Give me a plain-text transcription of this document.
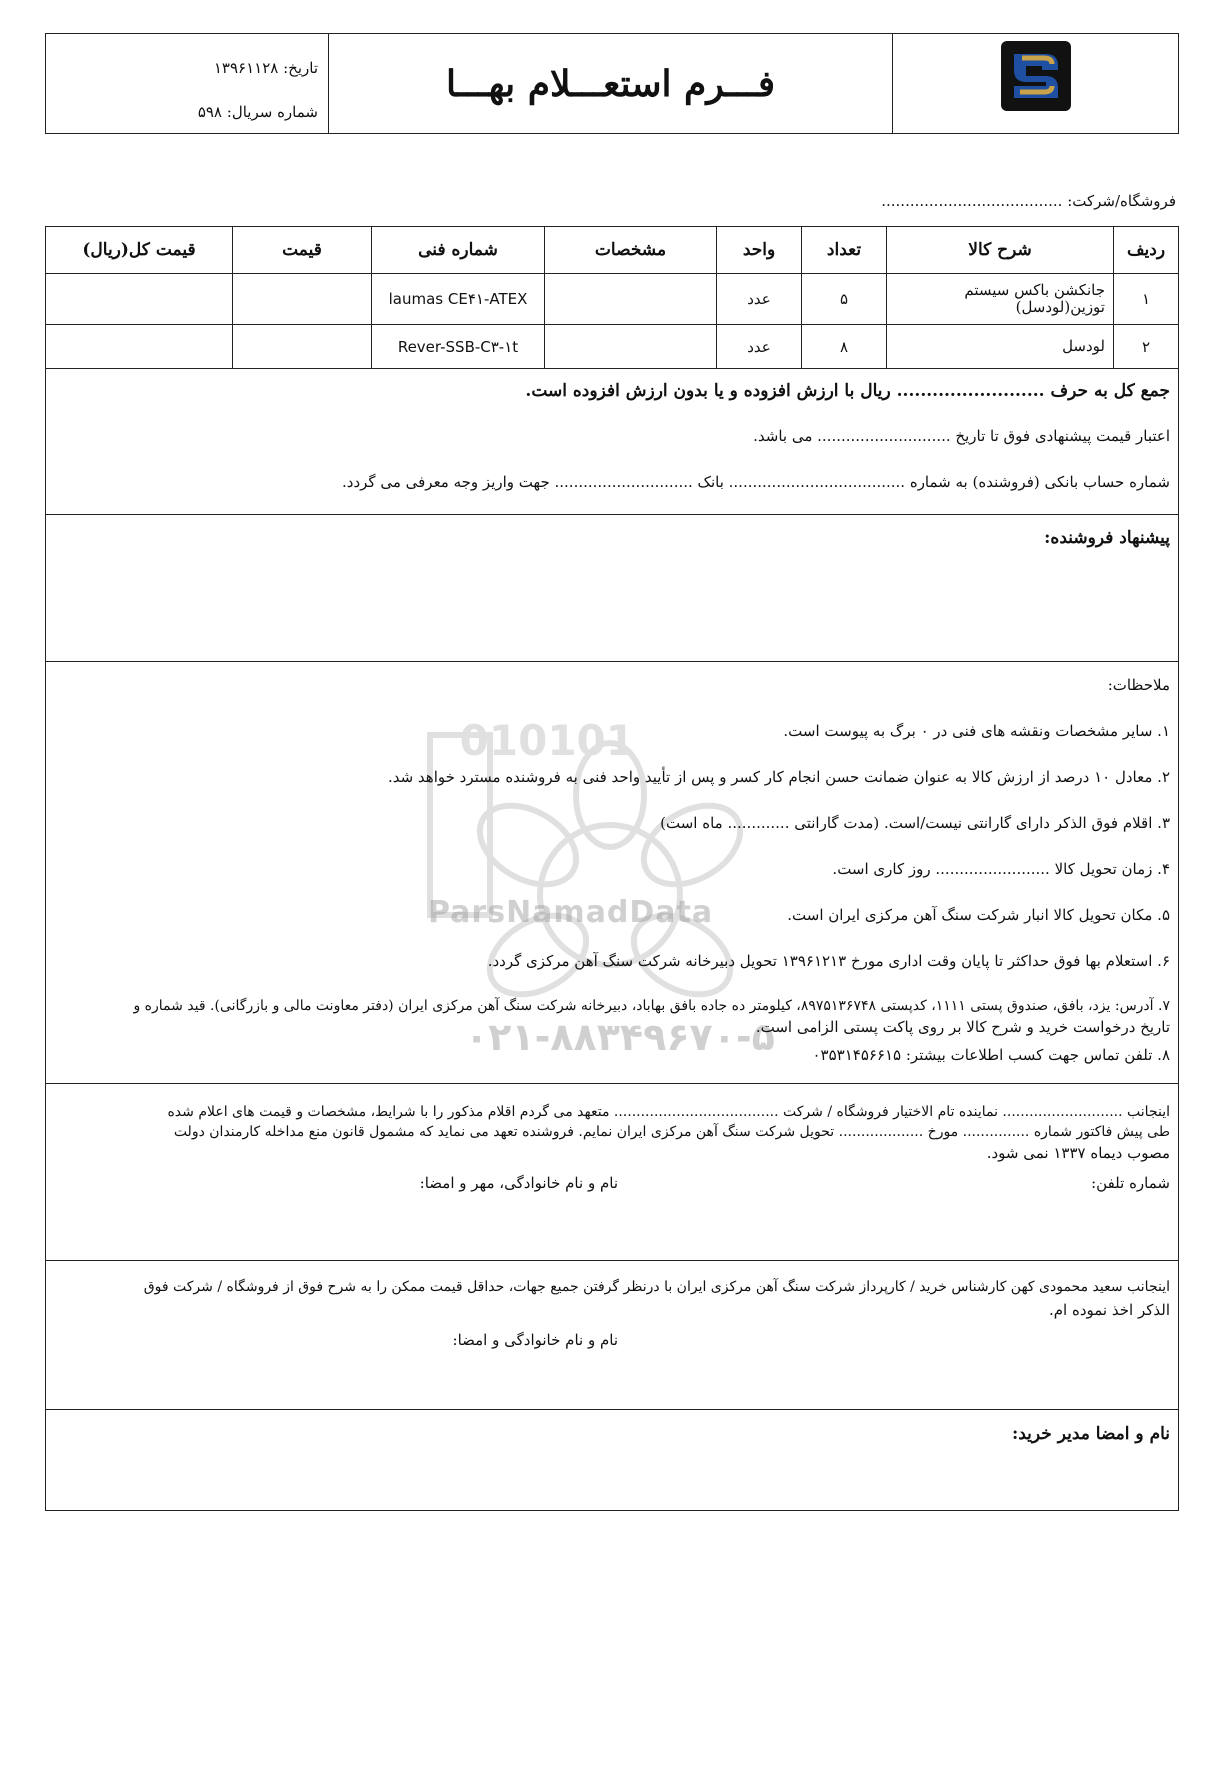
فـــرم استعـــلام بهـــا
تاریخ: ۱۳۹۶۱۱۲۸
شماره سریال: ۵۹۸
فروشگاه/شرکت: ......................................
ردیف	شرح کالا	تعداد	واحد	مشخصات	شماره فنی	قیمت	قیمت کل(ریال)
۱	جانکشن باکس سیستم توزین(لودسل)	۵	عدد		laumas CE۴۱-ATEX		
۲	لودسل	۸	عدد		Rever-SSB-C۳-۱t		
جمع کل به حرف ......................... ریال با ارزش افزوده و یا بدون ارزش افزوده است.
اعتبار قیمت پیشنهادی فوق تا تاریخ ............................ می باشد.
شماره حساب بانکی (فروشنده) به شماره ..................................... بانک ............................. جهت واریز وجه معرفی می گردد.
پیشنهاد فروشنده:
010101
ParsNamadData
۰۲۱-۸۸۳۴۹۶۷۰-۵
ملاحظات:
۱. سایر مشخصات ونقشه های فنی در ۰ برگ به پیوست است.
۲. معادل ۱۰ درصد از ارزش کالا به عنوان ضمانت حسن انجام کار کسر و پس از تأیید واحد فنی به فروشنده مسترد خواهد شد.
۳. اقلام فوق الذکر دارای گارانتی نیست/است. (مدت گارانتی ............. ماه است)
۴. زمان تحویل کالا ........................ روز کاری است.
۵. مکان تحویل کالا انبار شرکت سنگ آهن مرکزی ایران است.
۶. استعلام بها فوق حداکثر تا پایان وقت اداری مورخ ۱۳۹۶۱۲۱۳ تحویل دبیرخانه شرکت سنگ آهن مرکزی گردد.
۷. آدرس: یزد، بافق، صندوق پستی ۱۱۱۱، کدپستی ۸۹۷۵۱۳۶۷۴۸، کیلومتر ده جاده بافق بهاباد، دبیرخانه شرکت سنگ آهن مرکزی ایران (دفتر معاونت مالی و بازرگانی). قید شماره و
تاریخ درخواست خرید و شرح کالا بر روی پاکت پستی الزامی است.
۸. تلفن تماس جهت کسب اطلاعات بیشتر: ۰۳۵۳۱۴۵۶۶۱۵
اینجانب ........................... نماینده تام الاختیار فروشگاه / شرکت ..................................... متعهد می گردم اقلام مذکور را با شرایط، مشخصات و قیمت های اعلام شده
طی پیش فاکتور شماره ............... مورخ ................... تحویل شرکت سنگ آهن مرکزی ایران نمایم. فروشنده تعهد می نماید که مشمول قانون منع مداخله کارمندان دولت
مصوب دیماه ۱۳۳۷ نمی شود.
شماره تلفن:
نام و نام خانوادگی، مهر و امضا:
اینجانب سعید محمودی کهن کارشناس خرید / کارپرداز شرکت سنگ آهن مرکزی ایران با درنظر گرفتن جمیع جهات، حداقل قیمت ممکن را به شرح فوق از فروشگاه / شرکت فوق
الذکر اخذ نموده ام.
نام و نام خانوادگی و امضا:
نام و امضا مدیر خرید:
